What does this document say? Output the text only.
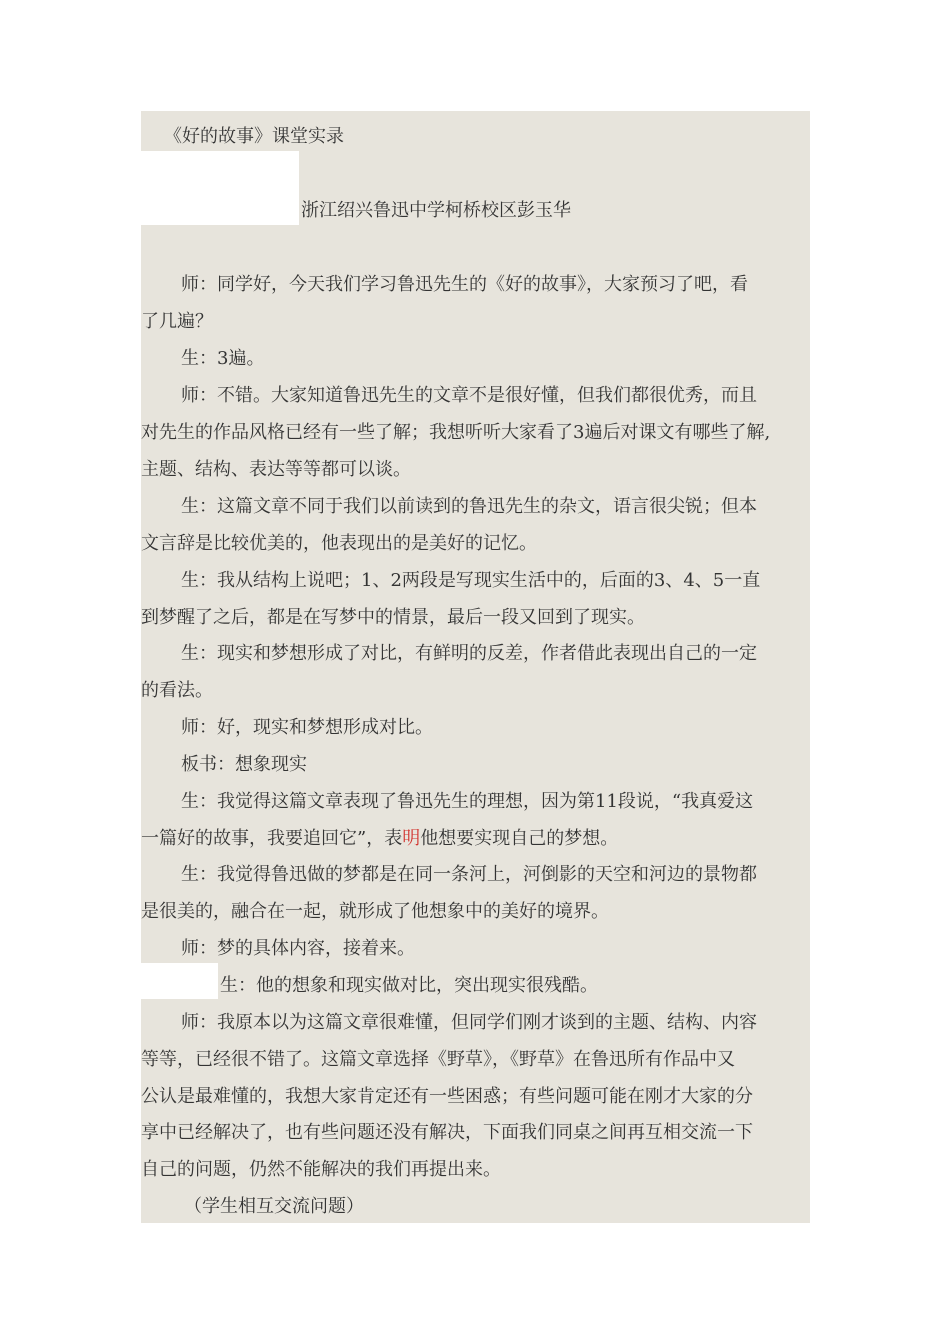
《好的故事》课堂实录
浙江绍兴鲁迅中学柯桥校区彭玉华
师：同学好，今天我们学习鲁迅先生的《好的故事》，大家预习了吧，看
了几遍？
生：3遍。
师：不错。大家知道鲁迅先生的文章不是很好懂，但我们都很优秀，而且
对先生的作品风格已经有一些了解；我想听听大家看了3遍后对课文有哪些了解,
主题、结构、表达等等都可以谈。
生：这篇文章不同于我们以前读到的鲁迅先生的杂文，语言很尖锐；但本
文言辞是比较优美的，他表现出的是美好的记忆。
生：我从结构上说吧；1、2两段是写现实生活中的，后面的3、4、5一直
到梦醒了之后，都是在写梦中的情景，最后一段又回到了现实。
生：现实和梦想形成了对比，有鲜明的反差，作者借此表现出自己的一定
的看法。
师：好，现实和梦想形成对比。
板书：想象现实
生：我觉得这篇文章表现了鲁迅先生的理想，因为第11段说，“我真爱这
一篇好的故事，我要追回它”，表明他想要实现自己的梦想。
生：我觉得鲁迅做的梦都是在同一条河上，河倒影的天空和河边的景物都
是很美的，融合在一起，就形成了他想象中的美好的境界。
师：梦的具体内容，接着来。
生：他的想象和现实做对比，突出现实很残酷。
师：我原本以为这篇文章很难懂，但同学们刚才谈到的主题、结构、内容
等等，已经很不错了。这篇文章选择《野草》，《野草》在鲁迅所有作品中又
公认是最难懂的，我想大家肯定还有一些困惑；有些问题可能在刚才大家的分
享中已经解决了，也有些问题还没有解决，下面我们同桌之间再互相交流一下
自己的问题，仍然不能解决的我们再提出来。
（学生相互交流问题）
